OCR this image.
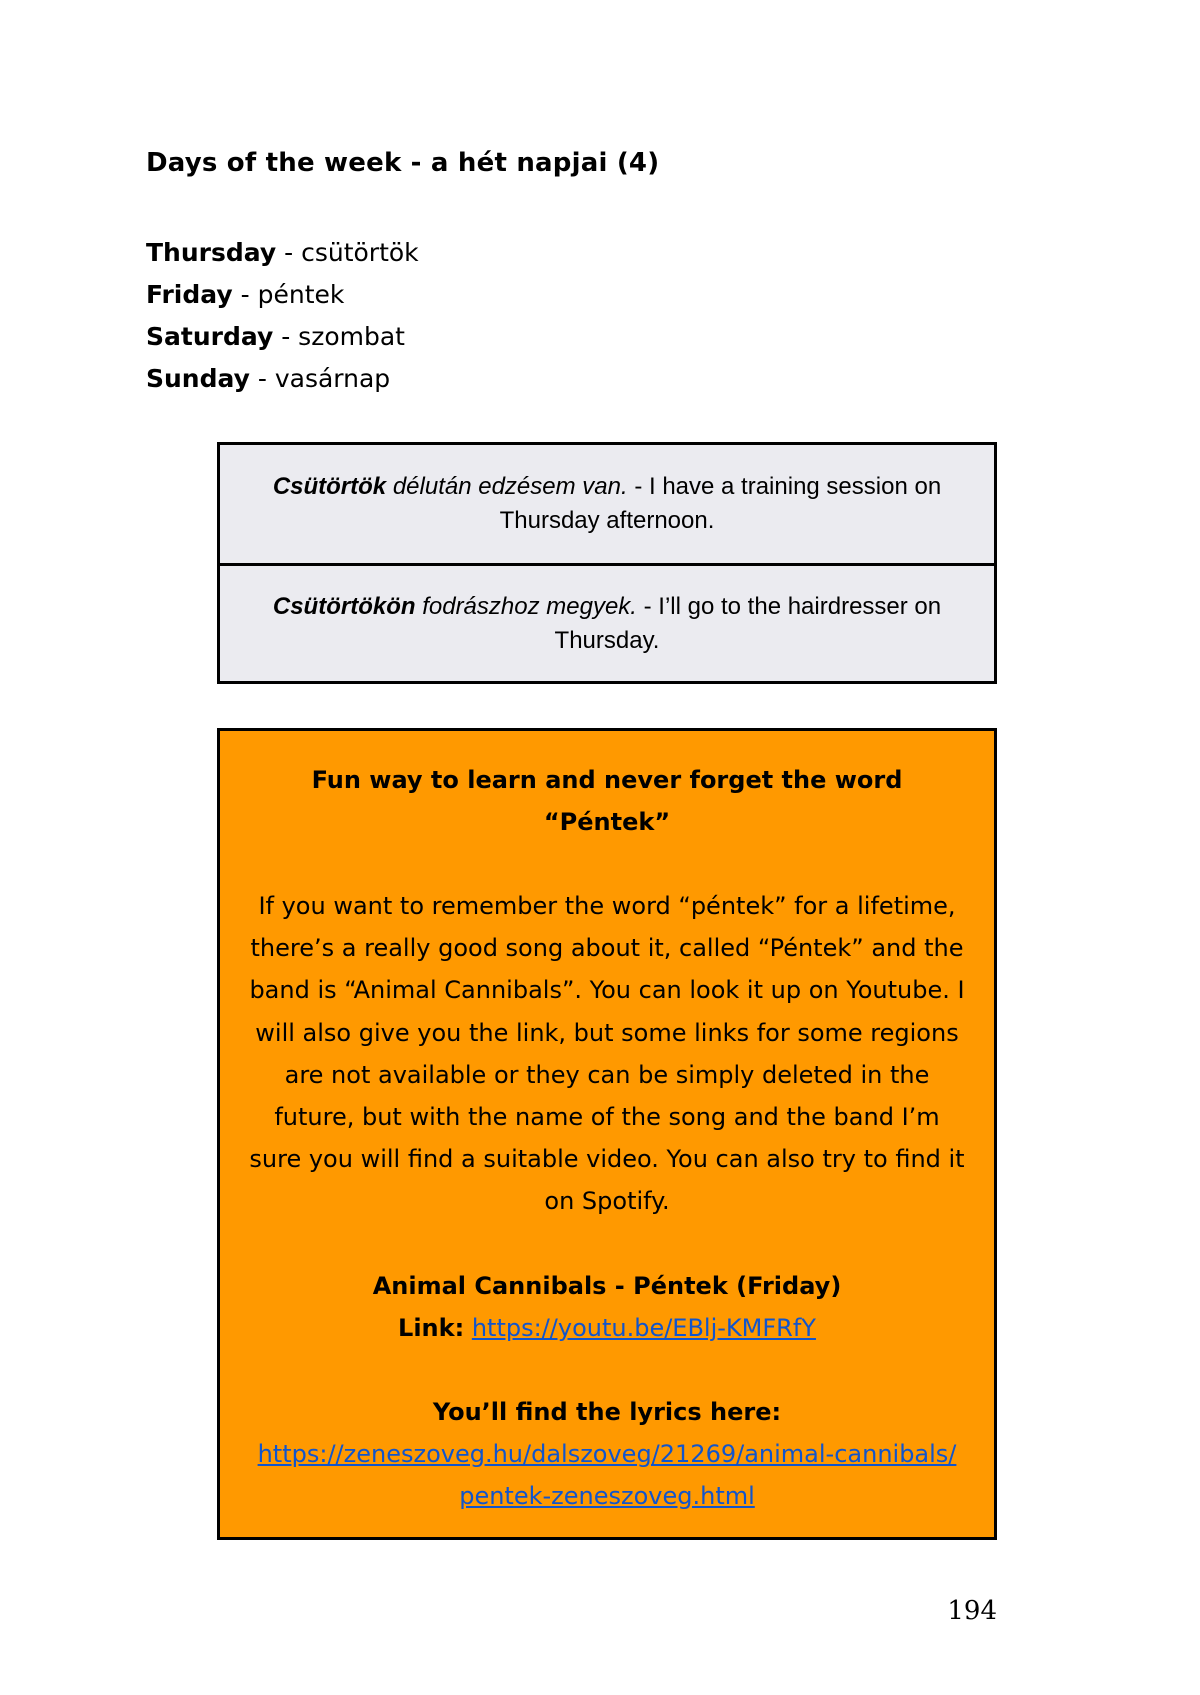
Days of the week - a hét napjai (4)
Thursday - csütörtök
Friday - péntek
Saturday - szombat
Sunday - vasárnap

Csütörtök délután edzésem van. - I have a training session on Thursday afternoon.

Csütörtökön fodrászhoz megyek. - I’ll go to the hairdresser on Thursday.

Fun way to learn and never forget the word “Péntek”
If you want to remember the word “péntek” for a lifetime, there’s a really good song about it, called “Péntek” and the band is “Animal Cannibals”. You can look it up on Youtube. I will also give you the link, but some links for some regions are not available or they can be simply deleted in the future, but with the name of the song and the band I’m sure you will find a suitable video. You can also try to find it on Spotify.
Animal Cannibals - Péntek (Friday)
Link: https://youtu.be/EBlj-KMFRfY
You’ll find the lyrics here:
https://zeneszoveg.hu/dalszoveg/21269/animal-cannibals/
pentek-zeneszoveg.html
194
